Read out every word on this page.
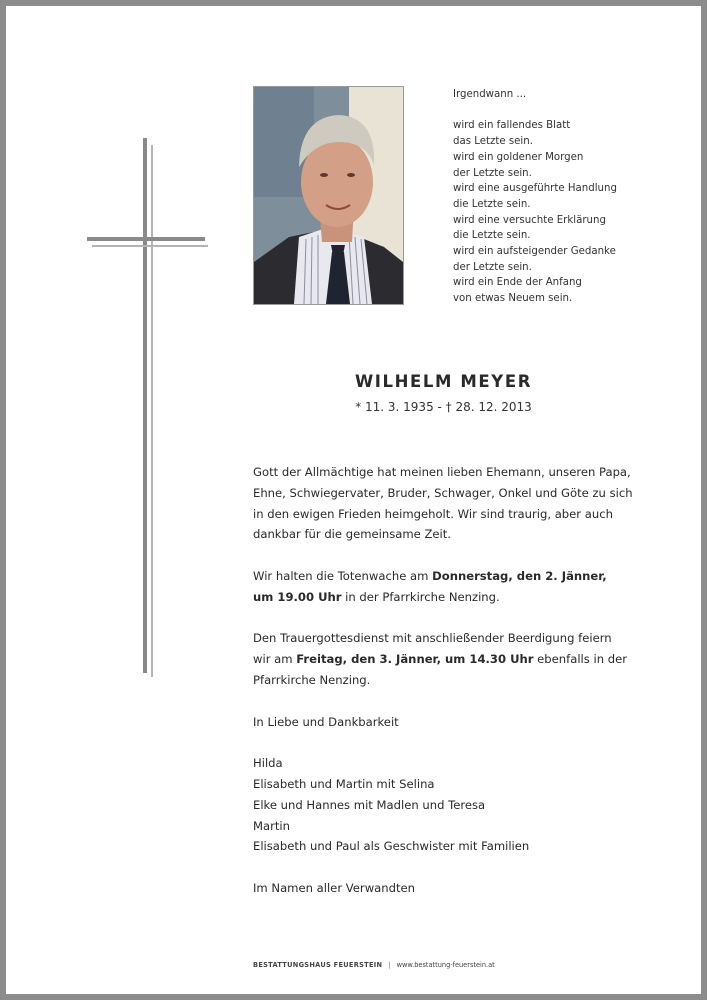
Irgendwann ...
wird ein fallendes Blatt
das Letzte sein.
wird ein goldener Morgen
der Letzte sein.
wird eine ausgeführte Handlung
die Letzte sein.
wird eine versuchte Erklärung
die Letzte sein.
wird ein aufsteigender Gedanke
der Letzte sein.
wird ein Ende der Anfang
von etwas Neuem sein.
WILHELM MEYER
* 11. 3. 1935 - † 28. 12. 2013

Gott der Allmächtige hat meinen lieben Ehemann, unseren Papa,
Ehne, Schwiegervater, Bruder, Schwager, Onkel und Göte zu sich
in den ewigen Frieden heimgeholt. Wir sind traurig, aber auch
dankbar für die gemeinsame Zeit.

Wir halten die Totenwache am Donnerstag, den 2. Jänner,
um 19.00 Uhr in der Pfarrkirche Nenzing.

Den Trauergottesdienst mit anschließender Beerdigung feiern
wir am Freitag, den 3. Jänner, um 14.30 Uhr ebenfalls in der
Pfarrkirche Nenzing.

In Liebe und Dankbarkeit

Hilda
Elisabeth und Martin mit Selina
Elke und Hannes mit Madlen und Teresa
Martin
Elisabeth und Paul als Geschwister mit Familien

Im Namen aller Verwandten

BESTATTUNGSHAUS FEUERSTEIN | www.bestattung-feuerstein.at
